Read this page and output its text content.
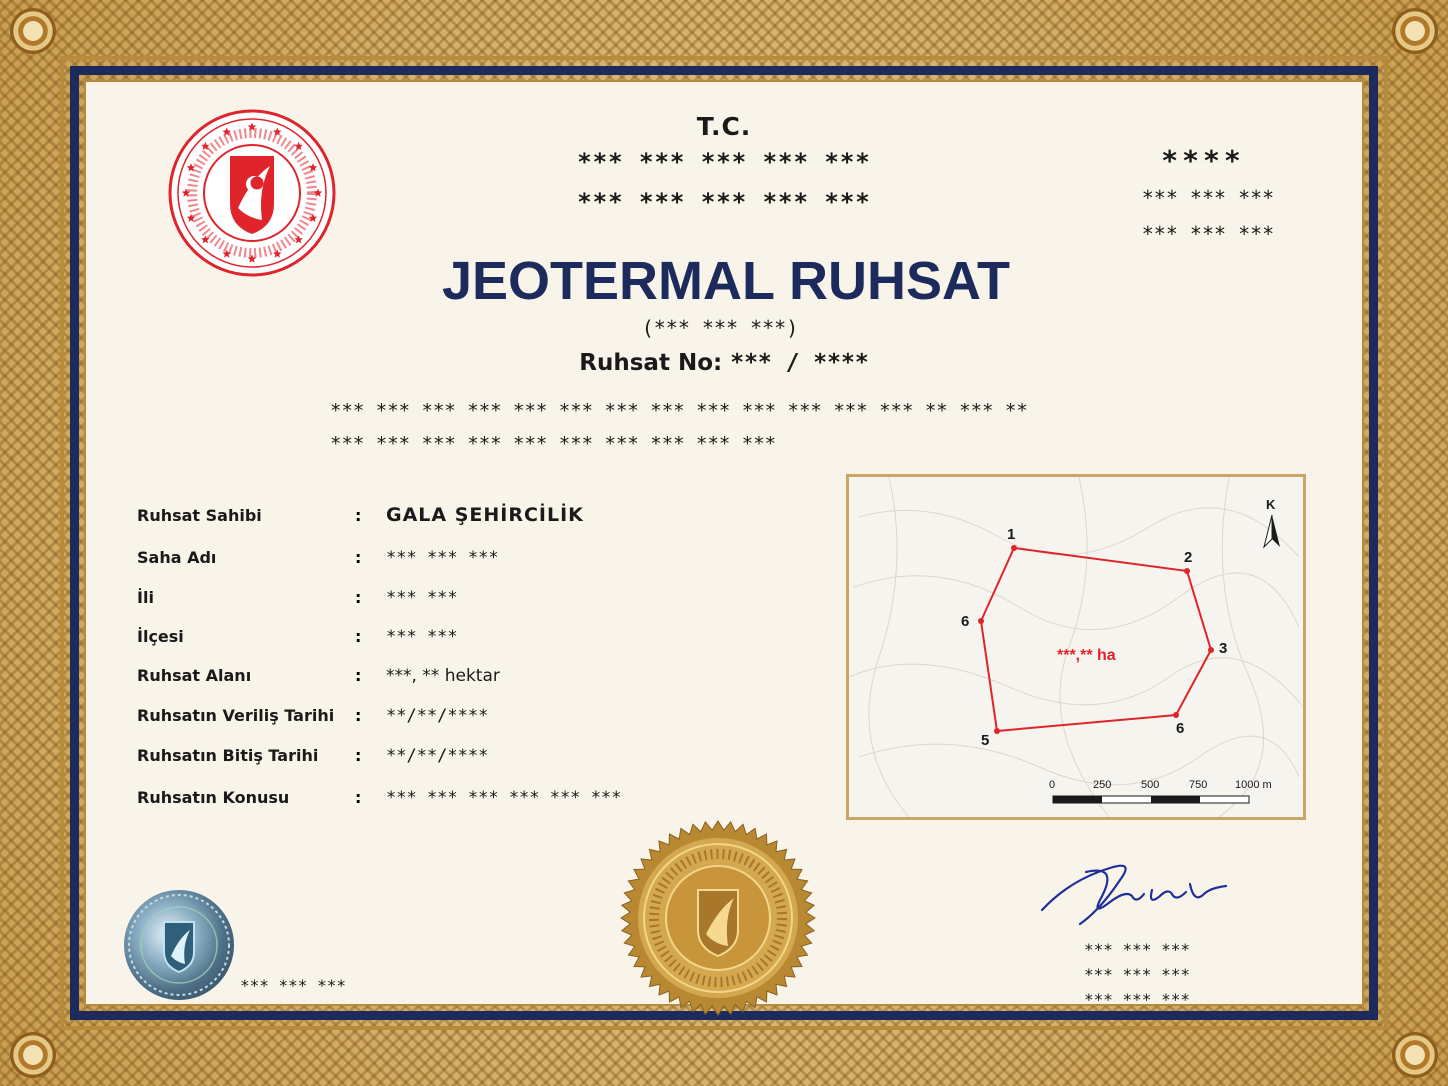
T.C.
*** *** *** *** ***
*** *** *** *** ***
****
*** *** ***
*** *** ***
JEOTERMAL RUHSAT
(*** *** ***)
Ruhsat No: *** / ****
*** *** *** *** *** *** *** *** *** *** *** *** *** ** *** **
*** *** *** *** *** *** *** *** *** ***
Ruhsat Sahibi	: GALA ŞEHİRCİLİK
Saha Adı	: *** *** ***
İli	: *** ***
İlçesi	: *** ***
Ruhsat Alanı	: ***, ** hektar
Ruhsatın Veriliş Tarihi : **/**/****
Ruhsatın Bitiş Tarihi : **/**/****
Ruhsatın Konusu	: *** *** *** *** *** ***
1
2
3
6
5
6
***,** ha
K
0	250	500	750	1000 m
*** *** ***
*** *** ***
*** *** ***
*** *** ***
